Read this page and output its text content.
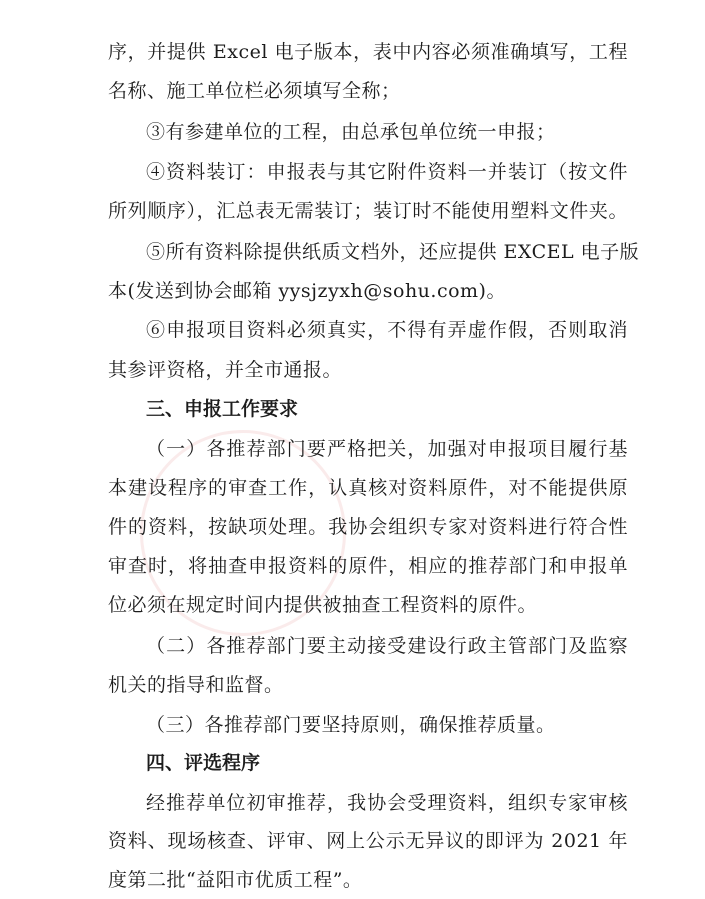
序，并提供 Excel 电子版本，表中内容必须准确填写，工程
名称、施工单位栏必须填写全称；
③有参建单位的工程，由总承包单位统一申报；
④资料装订：申报表与其它附件资料一并装订（按文件
所列顺序），汇总表无需装订；装订时不能使用塑料文件夹。
⑤所有资料除提供纸质文档外，还应提供 EXCEL 电子版
本(发送到协会邮箱 yysjzyxh@sohu.com)。
⑥申报项目资料必须真实，不得有弄虚作假，否则取消
其参评资格，并全市通报。
三、申报工作要求
（一）各推荐部门要严格把关，加强对申报项目履行基
本建设程序的审查工作，认真核对资料原件，对不能提供原
件的资料，按缺项处理。我协会组织专家对资料进行符合性
审查时，将抽查申报资料的原件，相应的推荐部门和申报单
位必须在规定时间内提供被抽查工程资料的原件。
（二）各推荐部门要主动接受建设行政主管部门及监察
机关的指导和监督。
（三）各推荐部门要坚持原则，确保推荐质量。
四、评选程序
经推荐单位初审推荐，我协会受理资料，组织专家审核
资料、现场核查、评审、网上公示无异议的即评为 2021 年
度第二批“益阳市优质工程”。
